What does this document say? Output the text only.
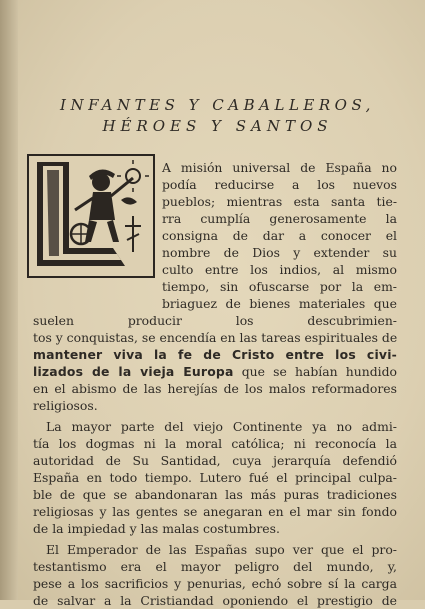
INFANTES Y CABALLEROS,
HÉROES Y SANTOS
A misión universal de España no
podía reducirse a los nuevos
pueblos; mientras esta santa tie-
rra cumplía generosamente la
consigna de dar a conocer el
nombre de Dios y extender su
culto entre los indios, al mismo
tiempo, sin ofuscarse por la em-
briaguez de bienes materiales que
suelen producir los descubrimien-
tos y conquistas, se encendía en las tareas espirituales de
mantener viva la fe de Cristo entre los civi-
lizados de la vieja Europa que se habían hundido
en el abismo de las herejías de los malos reformadores
religiosos.
La mayor parte del viejo Continente ya no admi-
tía los dogmas ni la moral católica; ni reconocía la
autoridad de Su Santidad, cuya jerarquía defendió
España en todo tiempo. Lutero fué el principal culpa-
ble de que se abandonaran las más puras tradiciones
religiosas y las gentes se anegaran en el mar sin fondo
de la impiedad y las malas costumbres.
El Emperador de las Españas supo ver que el pro-
testantismo era el mayor peligro del mundo, y,
pese a los sacrificios y penurias, echó sobre sí la carga
de salvar a la Cristiandad oponiendo el prestigio de
